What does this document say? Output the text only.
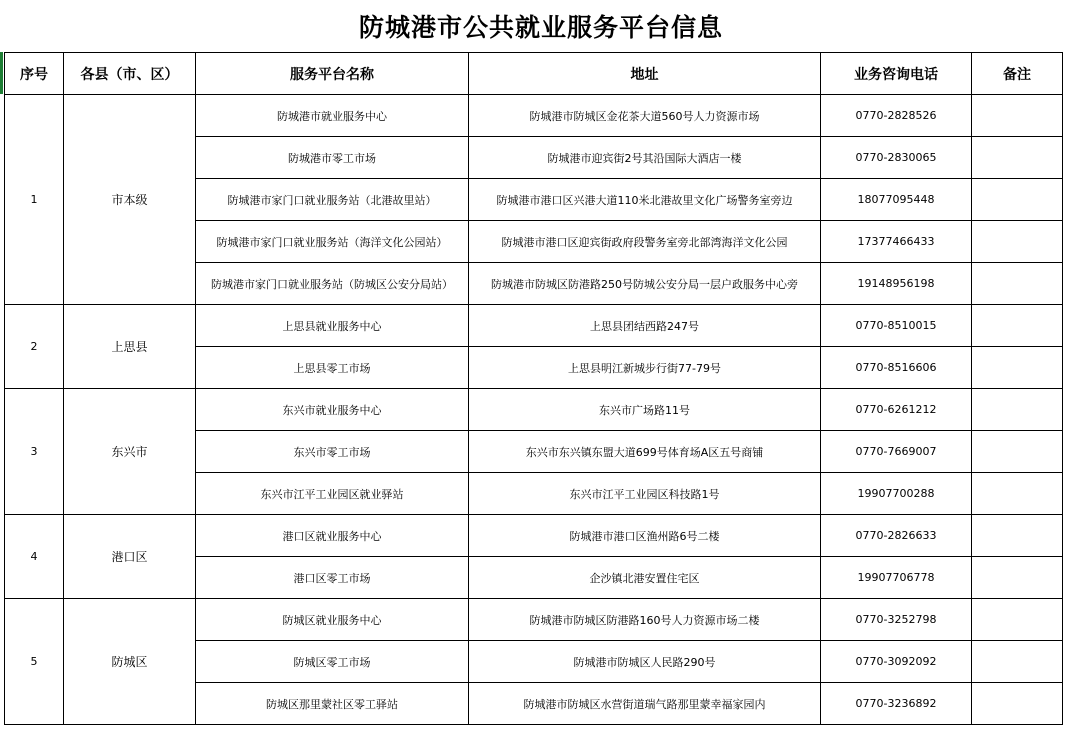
防城港市公共就业服务平台信息
序号	各县（市、区）	服务平台名称	地址	业务咨询电话	备注
1	市本级	防城港市就业服务中心	防城港市防城区金花茶大道560号人力资源市场	0770-2828526	
		防城港市零工市场	防城港市迎宾街2号其沿国际大酒店一楼	0770-2830065	
		防城港市家门口就业服务站（北港故里站）	防城港市港口区兴港大道110米北港故里文化广场警务室旁边	18077095448	
		防城港市家门口就业服务站（海洋文化公园站）	防城港市港口区迎宾街政府段警务室旁北部湾海洋文化公园	17377466433	
		防城港市家门口就业服务站（防城区公安分局站）	防城港市防城区防港路250号防城公安分局一层户政服务中心旁	19148956198	
2	上思县	上思县就业服务中心	上思县团结西路247号	0770-8510015	
		上思县零工市场	上思县明江新城步行街77-79号	0770-8516606	
3	东兴市	东兴市就业服务中心	东兴市广场路11号	0770-6261212	
		东兴市零工市场	东兴市东兴镇东盟大道699号体育场A区五号商铺	0770-7669007	
		东兴市江平工业园区就业驿站	东兴市江平工业园区科技路1号	19907700288	
4	港口区	港口区就业服务中心	防城港市港口区渔州路6号二楼	0770-2826633	
		港口区零工市场	企沙镇北港安置住宅区	19907706778	
5	防城区	防城区就业服务中心	防城港市防城区防港路160号人力资源市场二楼	0770-3252798	
		防城区零工市场	防城港市防城区人民路290号	0770-3092092	
		防城区那里蒙社区零工驿站	防城港市防城区水营街道瑞气路那里蒙幸福家园内	0770-3236892	
